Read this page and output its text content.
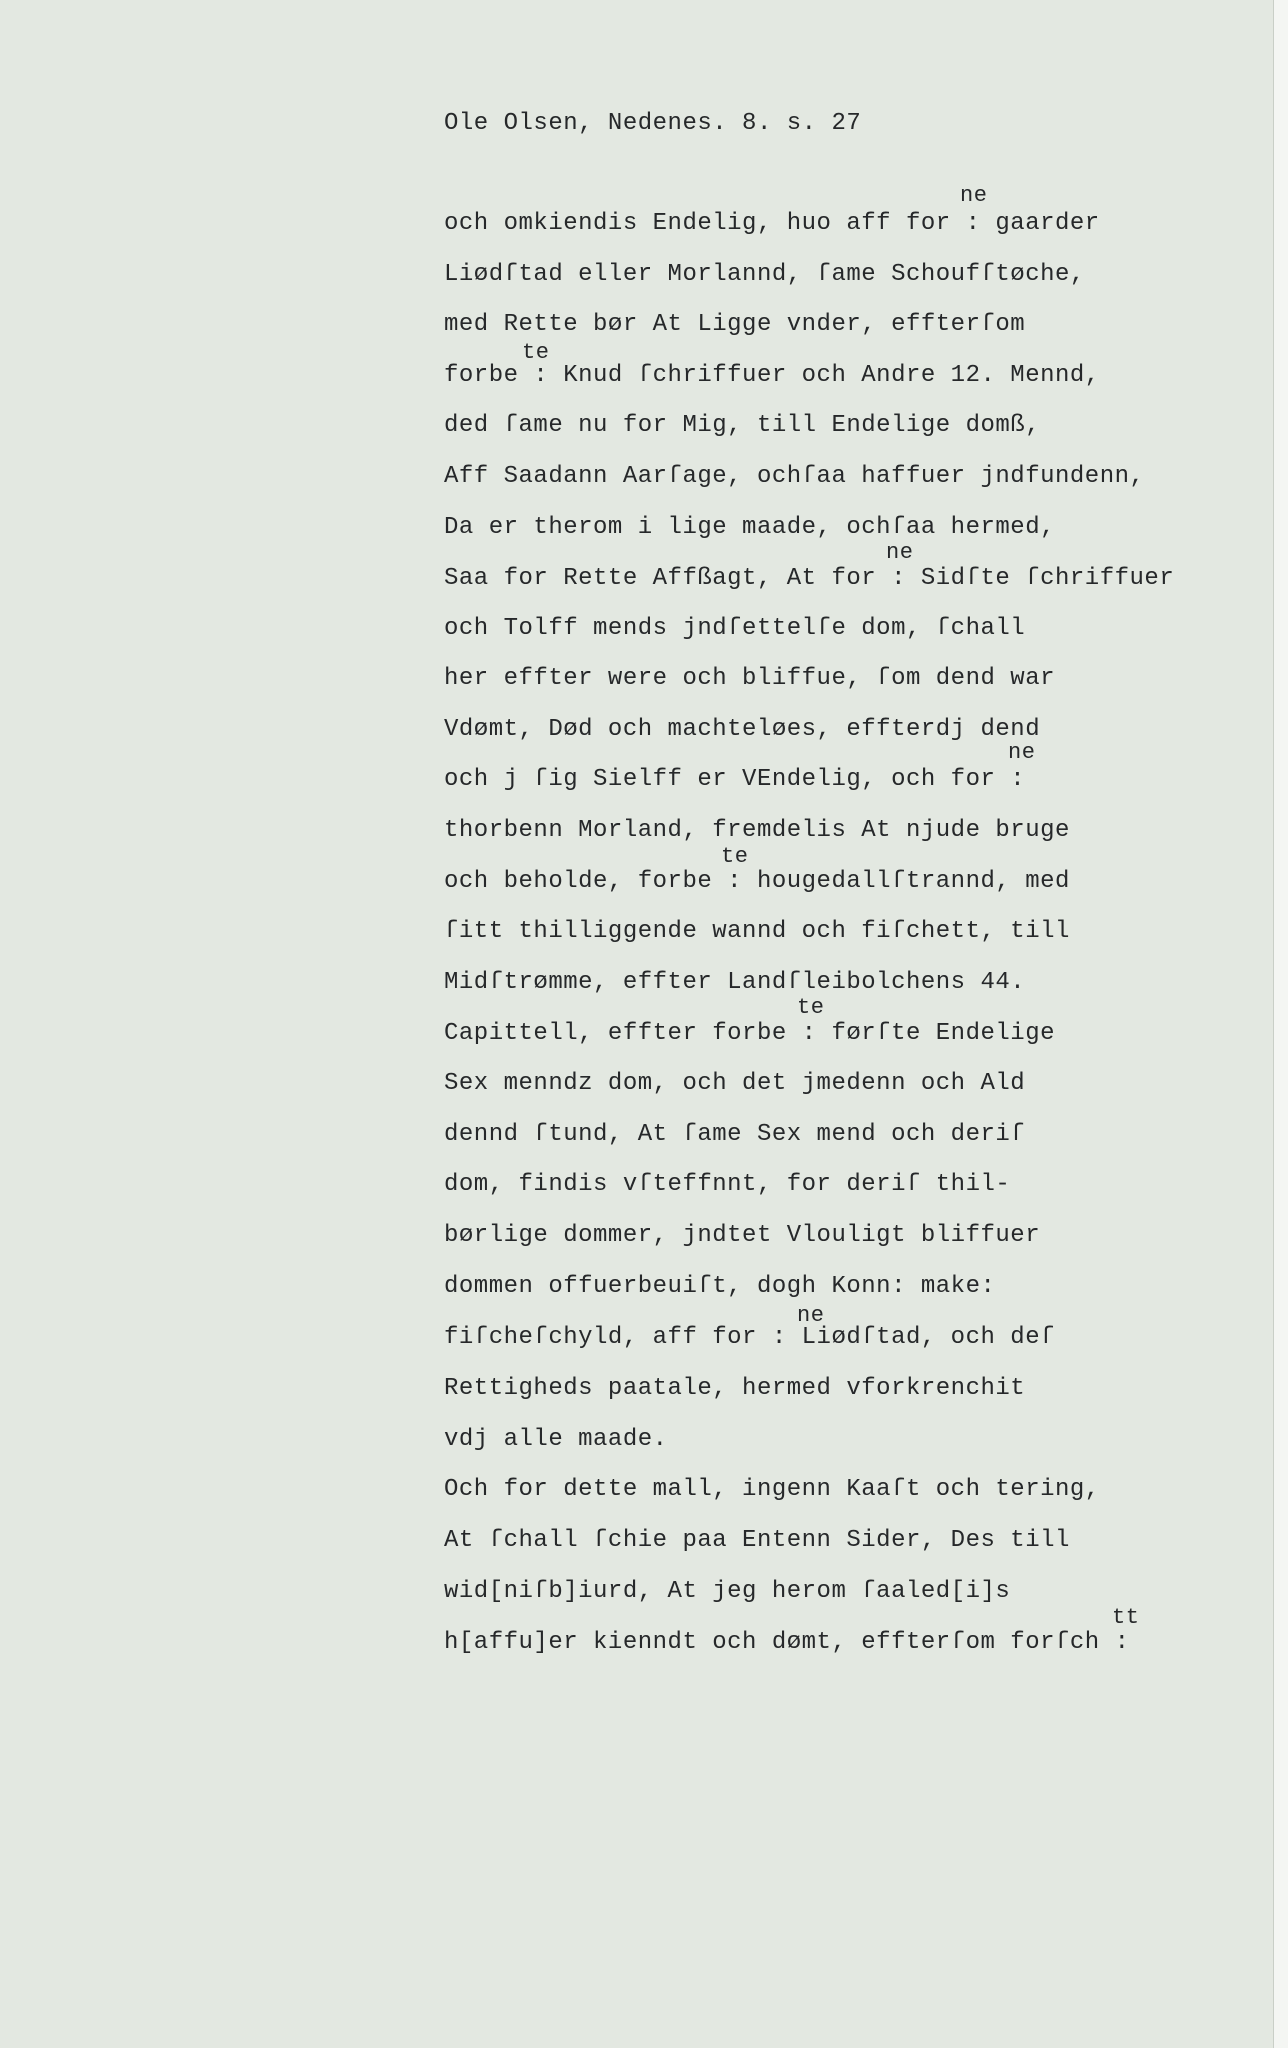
Ole Olsen, Nedenes. 8. s. 27
ne
te
ne
ne
te
te
ne
tt
och omkiendis Endelig, huo aff for : gaarder
Liødſtad eller Morlannd, ſame Schoufſtøche,
med Rette bør At Ligge vnder, effterſom
forbe : Knud ſchriffuer och Andre 12. Mennd,
ded ſame nu for Mig, till Endelige domß,
Aff Saadann Aarſage, ochſaa haffuer jndfundenn,
Da er therom i lige maade, ochſaa hermed,
Saa for Rette Affßagt, At for : Sidſte ſchriffuer
och Tolff mends jndſettelſe dom, ſchall
her effter were och bliffue, ſom dend war
Vdømt, Død och machteløes, effterdj dend
och j ſig Sielff er VEndelig, och for :
thorbenn Morland, fremdelis At njude bruge
och beholde, forbe : hougedallſtrannd, med
ſitt thilliggende wannd och fiſchett, till
Midſtrømme, effter Landſleibolchens 44.
Capittell, effter forbe : førſte Endelige
Sex menndz dom, och det jmedenn och Ald
dennd ſtund, At ſame Sex mend och deriſ
dom, findis vſteffnnt, for deriſ thil-
børlige dommer, jndtet Vlouligt bliffuer
dommen offuerbeuiſt, dogh Konn: make:
fiſcheſchyld, aff for : Liødſtad, och deſ
Rettigheds paatale, hermed vforkrenchit
vdj alle maade.
Och for dette mall, ingenn Kaaſt och tering,
At ſchall ſchie paa Entenn Sider, Des till
wid[niſb]iurd, At jeg herom ſaaled[i]s
h[affu]er kienndt och dømt, effterſom forſch :
